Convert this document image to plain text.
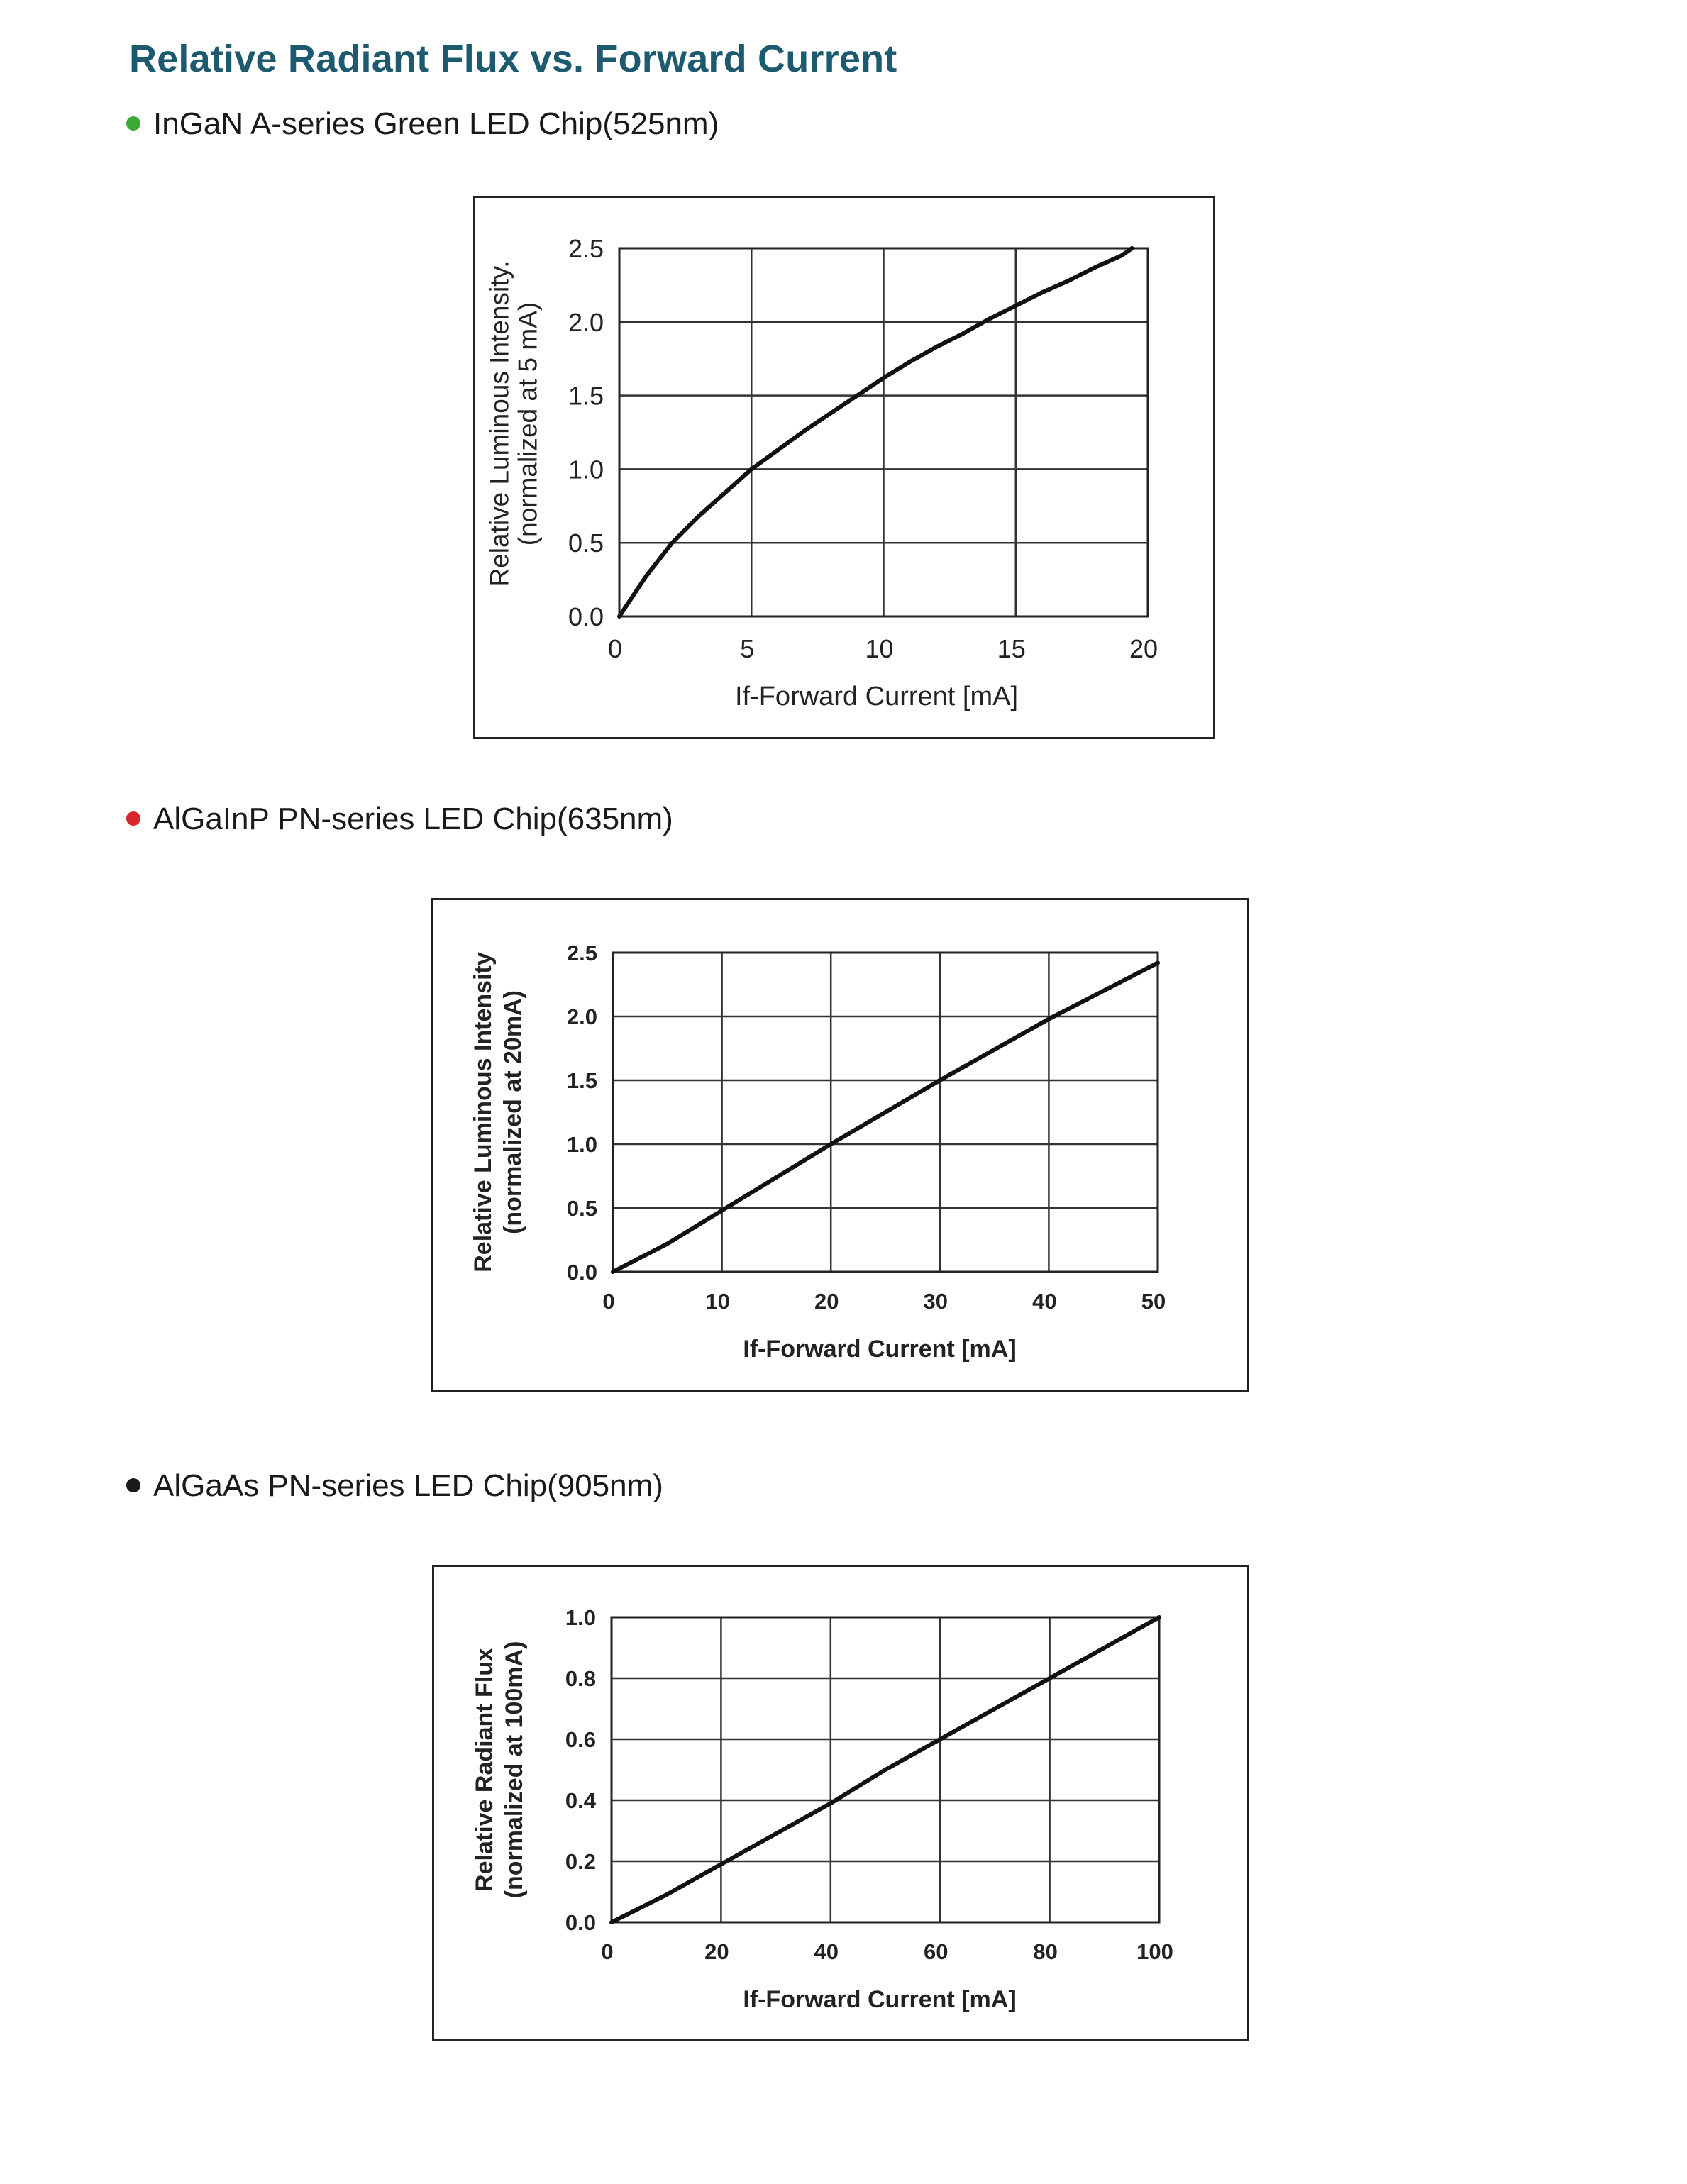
Relative Radiant Flux vs. Forward Current
InGaN A-series Green LED Chip(525nm)
0.0
0.5
1.0
1.5
2.0
2.5
0	5	10	15	20
If-Forward Current [mA]
Relative Luminous Intensity. (normalized at 5 mA)
AlGaInP PN-series LED Chip(635nm)
0.0
0.5
1.0
1.5
2.0
2.5
0	10	20	30	40	50
If-Forward Current [mA]
Relative Luminous Intensity (normalized at 20mA)
AlGaAs PN-series LED Chip(905nm)
0.0
0.2
0.4
0.6
0.8
1.0
0	20	40	60	80	100
If-Forward Current [mA]
Relative Radiant Flux (normalized at 100mA)
